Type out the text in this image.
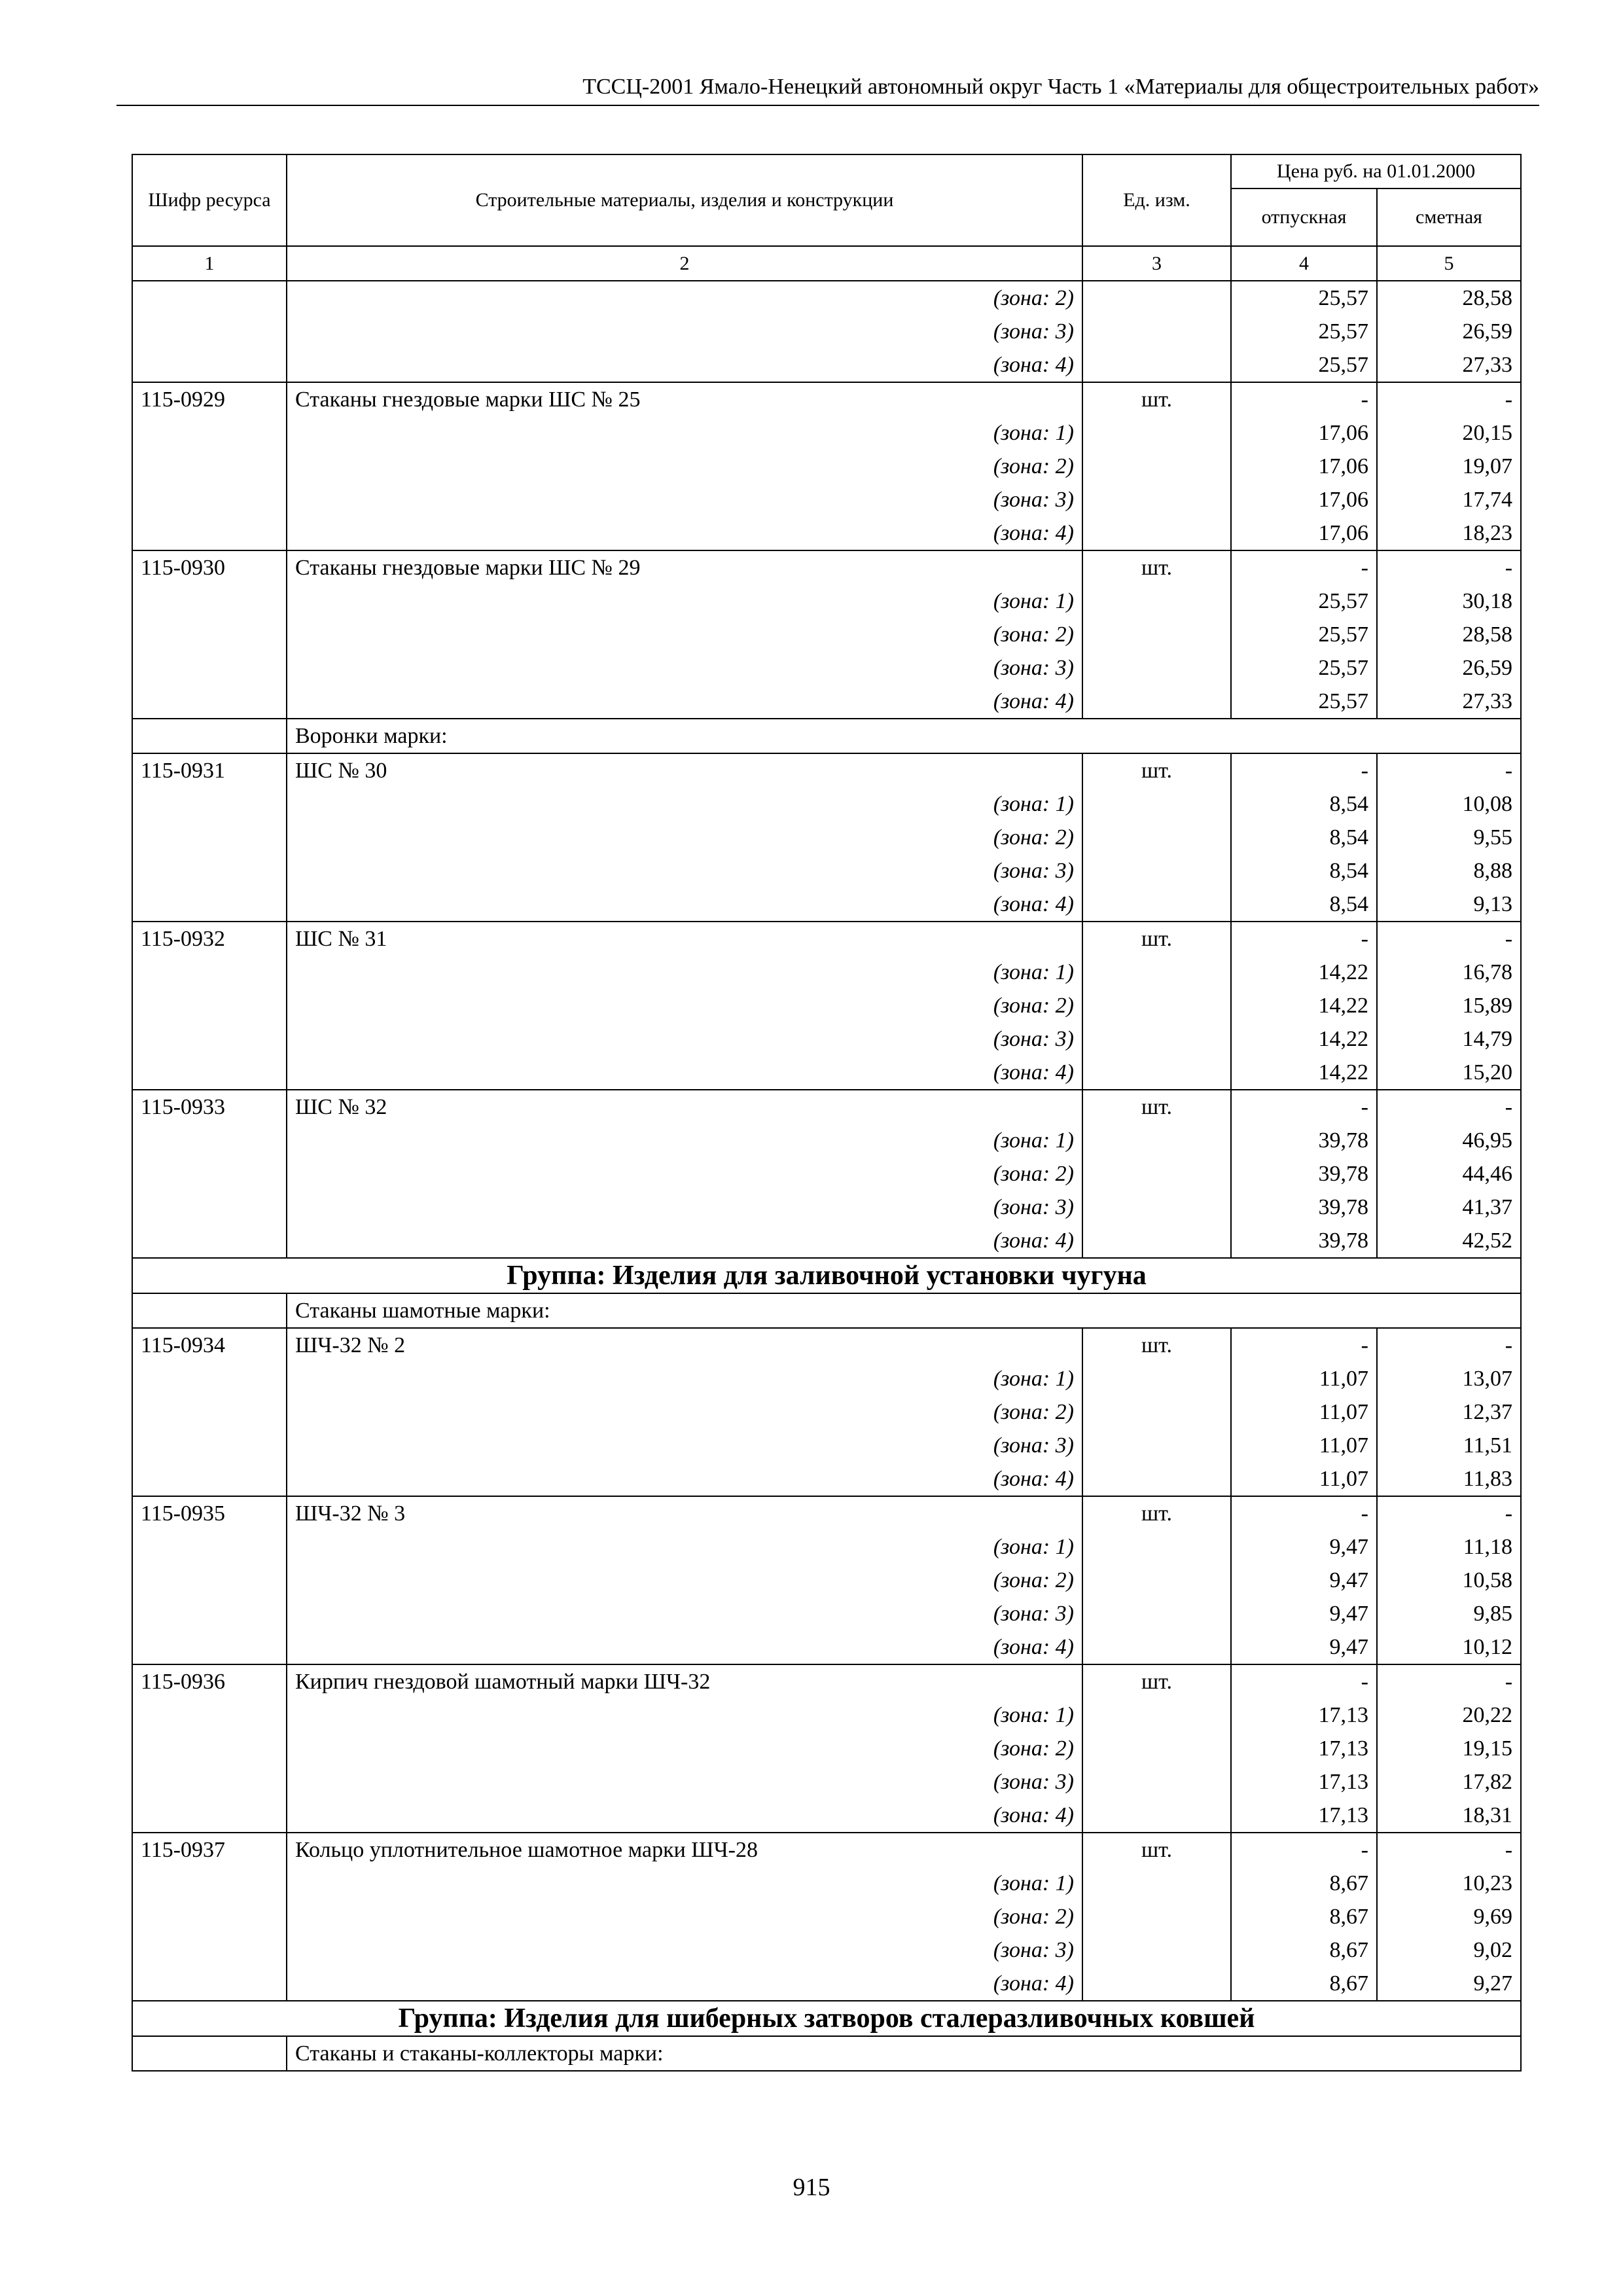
ТССЦ-2001 Ямало-Ненецкий автономный округ Часть 1 «Материалы для общестроительных работ»
Шифр ресурса	Строительные материалы, изделия и конструкции	Ед. изм.	Цена руб. на 01.01.2000	
			отпускная	сметная
1	2	3	4	5
	(зона: 2)		25,57	28,58
	(зона: 3)		25,57	26,59
	(зона: 4)		25,57	27,33
115-0929	Стаканы гнездовые марки ШС № 25	шт.	-	-
	(зона: 1)		17,06	20,15
	(зона: 2)		17,06	19,07
	(зона: 3)		17,06	17,74
	(зона: 4)		17,06	18,23
115-0930	Стаканы гнездовые марки ШС № 29	шт.	-	-
	(зона: 1)		25,57	30,18
	(зона: 2)		25,57	28,58
	(зона: 3)		25,57	26,59
	(зона: 4)		25,57	27,33
	Воронки марки:			
115-0931	ШС № 30	шт.	-	-
	(зона: 1)		8,54	10,08
	(зона: 2)		8,54	9,55
	(зона: 3)		8,54	8,88
	(зона: 4)		8,54	9,13
115-0932	ШС № 31	шт.	-	-
	(зона: 1)		14,22	16,78
	(зона: 2)		14,22	15,89
	(зона: 3)		14,22	14,79
	(зона: 4)		14,22	15,20
115-0933	ШС № 32	шт.	-	-
	(зона: 1)		39,78	46,95
	(зона: 2)		39,78	44,46
	(зона: 3)		39,78	41,37
	(зона: 4)		39,78	42,52
Группа: Изделия для заливочной установки чугуна				
	Стаканы шамотные марки:			
115-0934	ШЧ-32 № 2	шт.	-	-
	(зона: 1)		11,07	13,07
	(зона: 2)		11,07	12,37
	(зона: 3)		11,07	11,51
	(зона: 4)		11,07	11,83
115-0935	ШЧ-32 № 3	шт.	-	-
	(зона: 1)		9,47	11,18
	(зона: 2)		9,47	10,58
	(зона: 3)		9,47	9,85
	(зона: 4)		9,47	10,12
115-0936	Кирпич гнездовой шамотный марки ШЧ-32	шт.	-	-
	(зона: 1)		17,13	20,22
	(зона: 2)		17,13	19,15
	(зона: 3)		17,13	17,82
	(зона: 4)		17,13	18,31
115-0937	Кольцо уплотнительное шамотное марки ШЧ-28	шт.	-	-
	(зона: 1)		8,67	10,23
	(зона: 2)		8,67	9,69
	(зона: 3)		8,67	9,02
	(зона: 4)		8,67	9,27
Группа: Изделия для шиберных затворов сталеразливочных ковшей				
	Стаканы и стаканы-коллекторы марки:			
915
